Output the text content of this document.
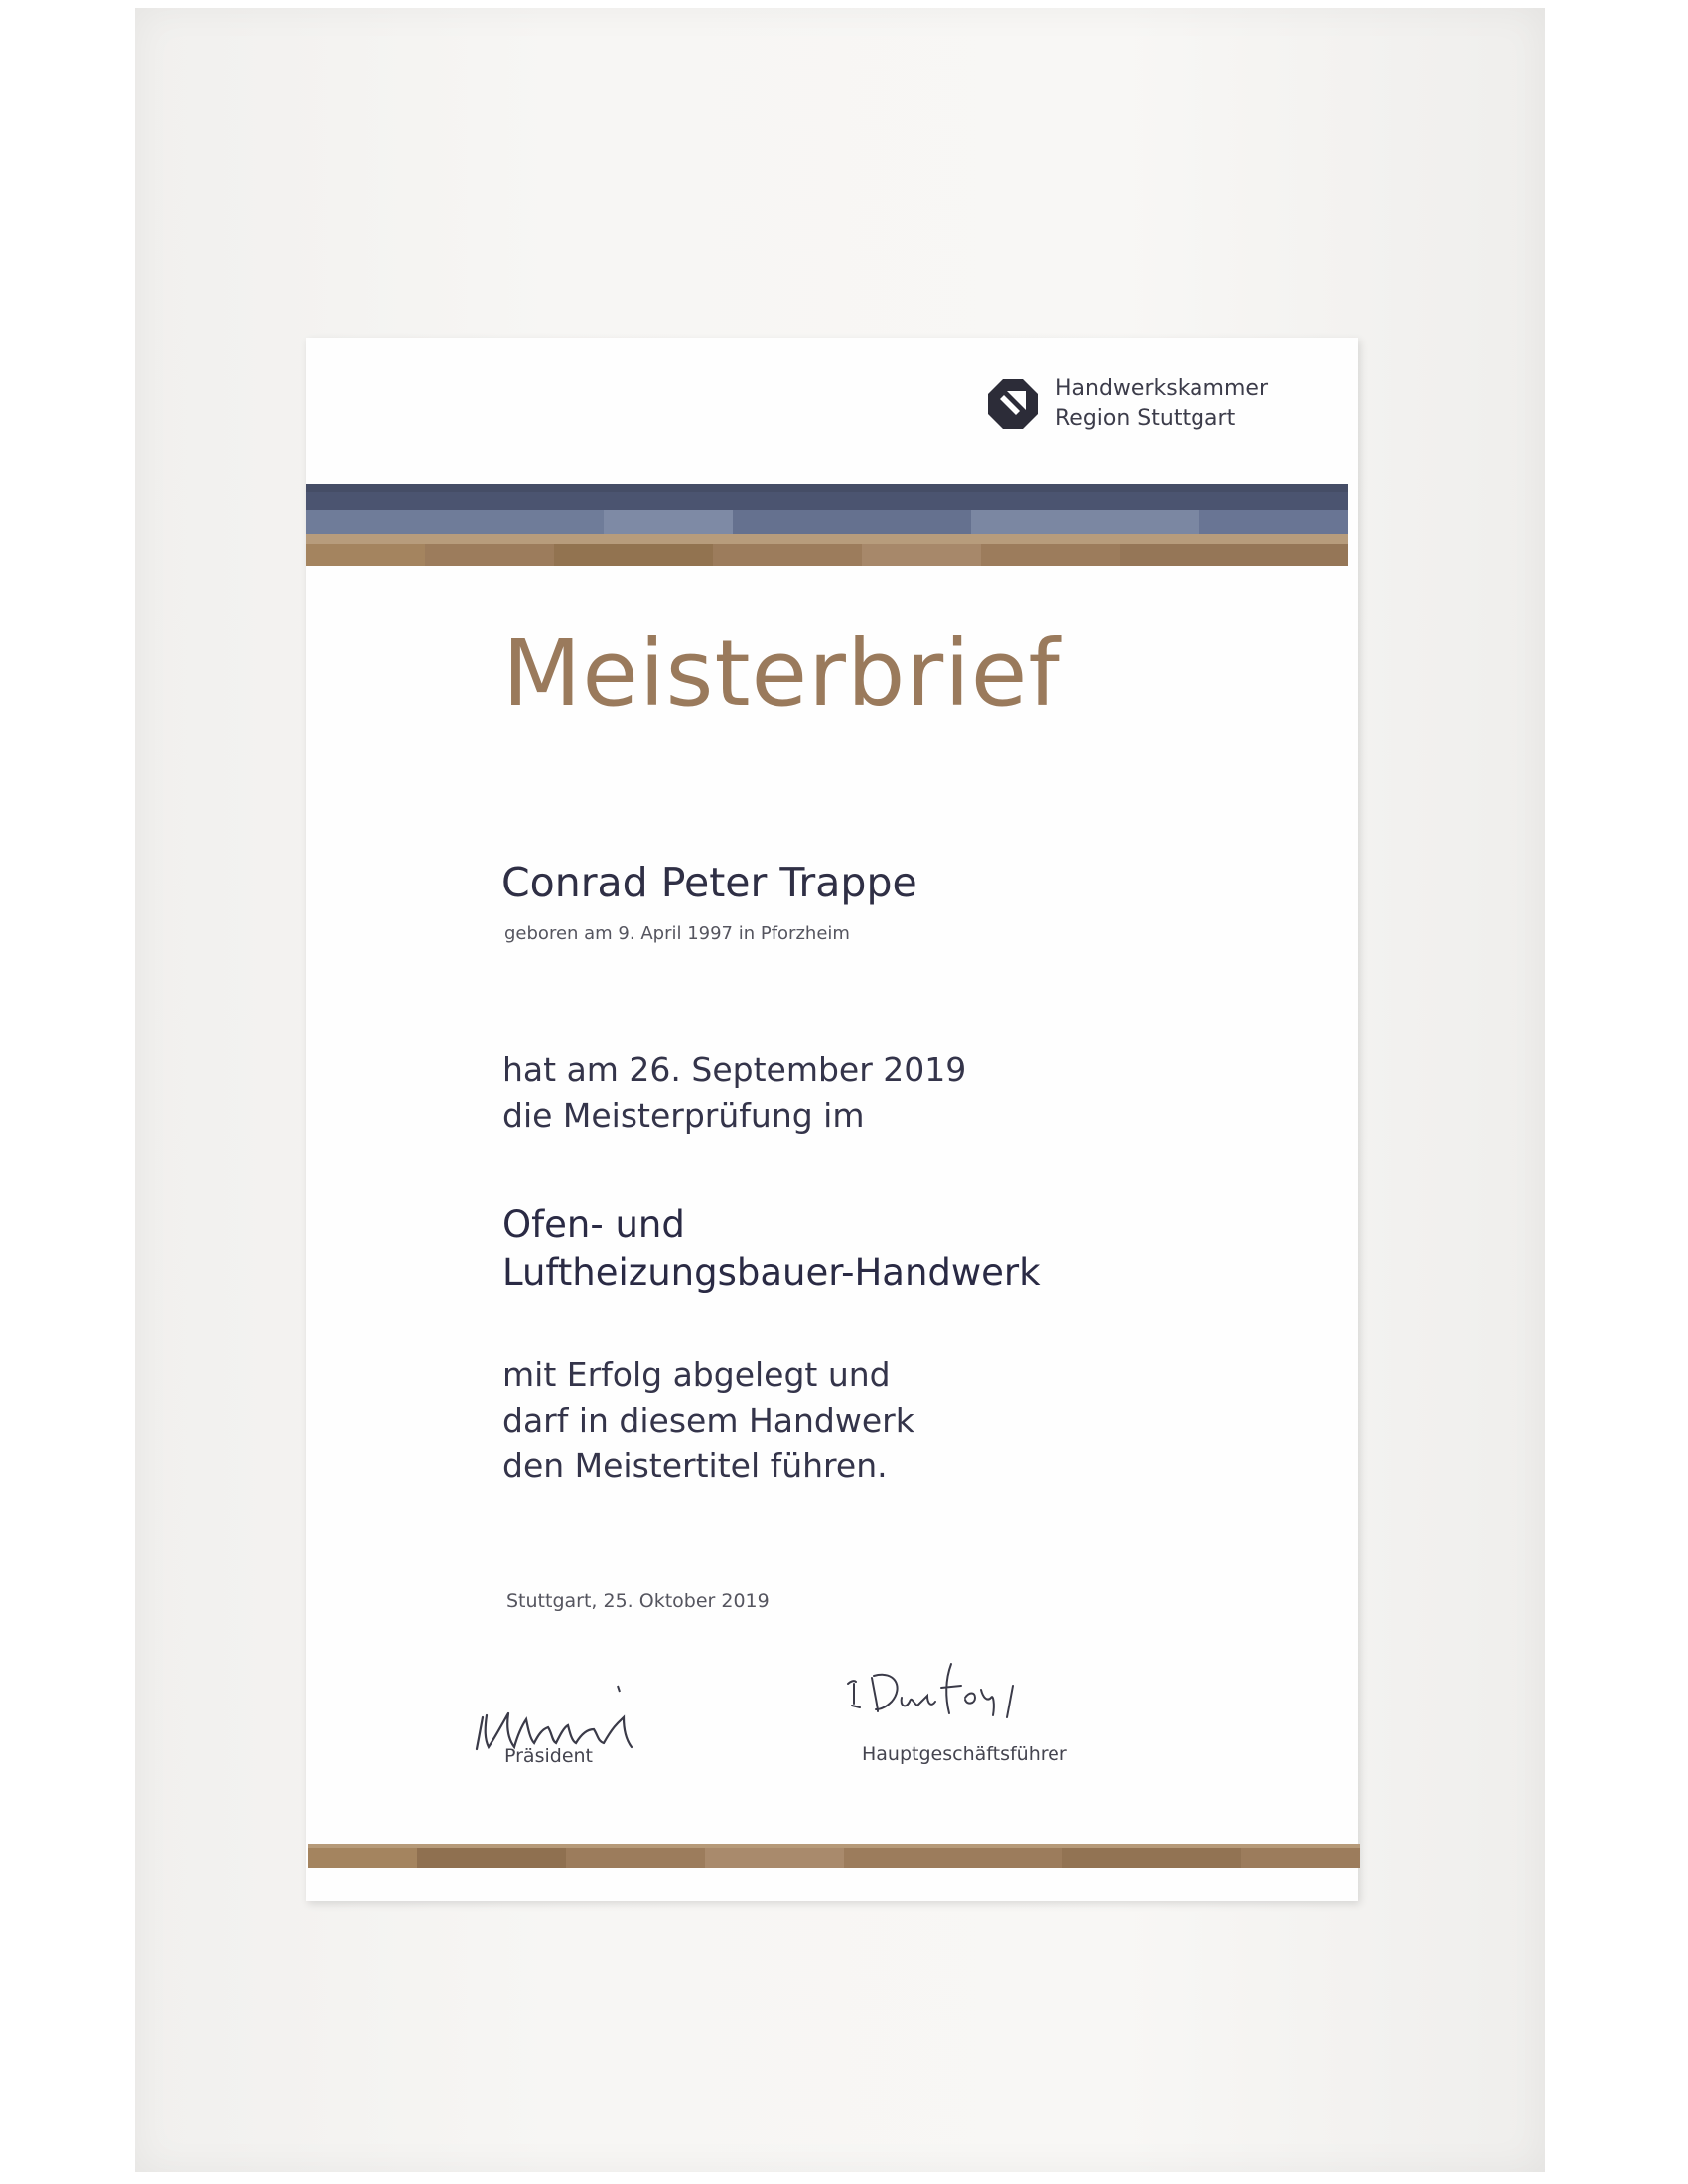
Handwerkskammer
Region Stuttgart
Meisterbrief
Conrad Peter Trappe
geboren am 9. April 1997 in Pforzheim
hat am 26. September 2019
die Meisterprüfung im
Ofen- und
Luftheizungsbauer-Handwerk
mit Erfolg abgelegt und
darf in diesem Handwerk
den Meistertitel führen.
Stuttgart, 25. Oktober 2019
Präsident	Hauptgeschäftsführer
